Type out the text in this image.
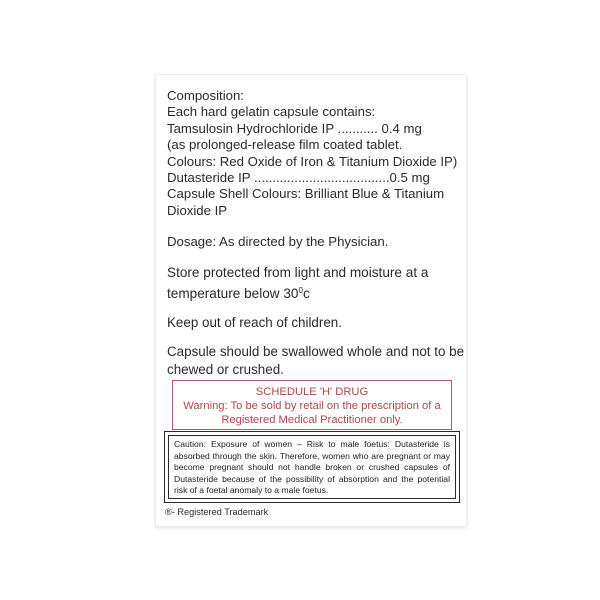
Composition:
Each hard gelatin capsule contains:
Tamsulosin Hydrochloride IP ........... 0.4 mg
(as prolonged-release film coated tablet.
Colours: Red Oxide of Iron & Titanium Dioxide IP)
Dutasteride IP .....................................0.5 mg
Capsule Shell Colours: Brilliant Blue & Titanium
Dioxide IP
Dosage: As directed by the Physician.
Store protected from light and moisture at a
temperature below $30^0c$
Keep out of reach of children.
Capsule should be swallowed whole and not to be
chewed or crushed.
SCHEDULE 'H' DRUG
Warning: To be sold by retail on the prescription of a
Registered Medical Practitioner only.
Caution: Exposure of women – Risk to male foetus: Dutasteride is absorbed through the skin. Therefore, women who are pregnant or may become pregnant should not handle broken or crushed capsules of Dutasteride because of the possibility of absorption and the potential risk of a foetal anomaly to a male foetus.
®- Registered Trademark
